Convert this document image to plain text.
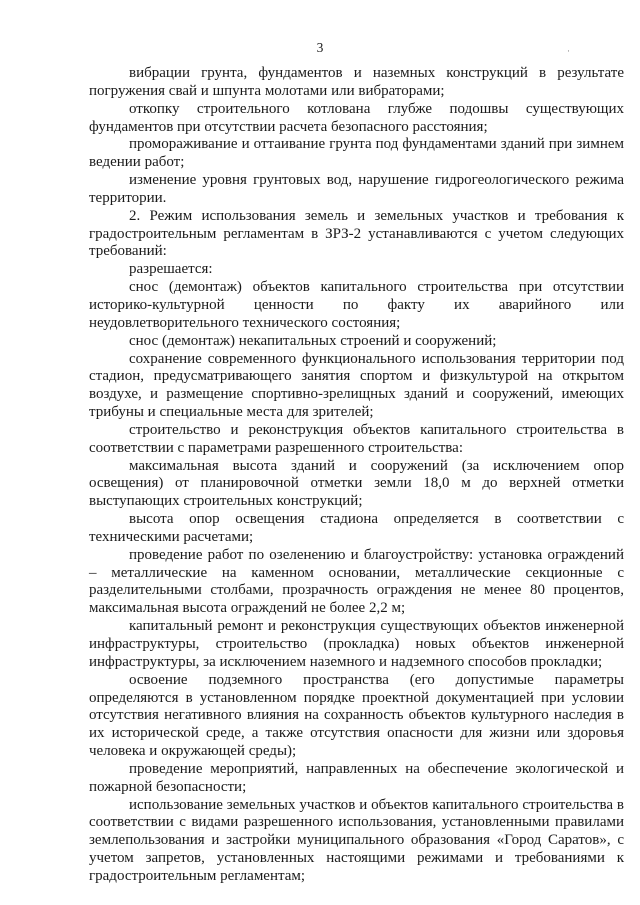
3	·

вибрации грунта, фундаментов и наземных конструкций в результате погружения свай и шпунта молотами или вибраторами;

откопку строительного котлована глубже подошвы существующих фундаментов при отсутствии расчета безопасного расстояния;

промораживание и оттаивание грунта под фундаментами зданий при зимнем ведении работ;

изменение уровня грунтовых вод, нарушение гидрогеологического режима территории.

2. Режим использования земель и земельных участков и требования к градостроительным регламентам в ЗРЗ-2 устанавливаются с учетом следующих требований:

разрешается:

снос (демонтаж) объектов капитального строительства при отсутствии историко-культурной ценности по факту их аварийного или неудовлетворительного технического состояния;

снос (демонтаж) некапитальных строений и сооружений;

сохранение современного функционального использования территории под стадион, предусматривающего занятия спортом и физкультурой на открытом воздухе, и размещение спортивно-зрелищных зданий и сооружений, имеющих трибуны и специальные места для зрителей;

строительство и реконструкция объектов капитального строительства в соответствии с параметрами разрешенного строительства:

максимальная высота зданий и сооружений (за исключением опор освещения) от планировочной отметки земли 18,0 м до верхней отметки выступающих строительных конструкций;

высота опор освещения стадиона определяется в соответствии с техническими расчетами;

проведение работ по озеленению и благоустройству: установка ограждений – металлические на каменном основании, металлические секционные с разделительными столбами, прозрачность ограждения не менее 80 процентов, максимальная высота ограждений не более 2,2 м;

капитальный ремонт и реконструкция существующих объектов инженерной инфраструктуры, строительство (прокладка) новых объектов инженерной инфраструктуры, за исключением наземного и надземного способов прокладки;

освоение подземного пространства (его допустимые параметры определяются в установленном порядке проектной документацией при условии отсутствия негативного влияния на сохранность объектов культурного наследия в их исторической среде, а также отсутствия опасности для жизни или здоровья человека и окружающей среды);

проведение мероприятий, направленных на обеспечение экологической и пожарной безопасности;

использование земельных участков и объектов капитального строительства в соответствии с видами разрешенного использования, установленными правилами землепользования и застройки муниципального образования «Город Саратов», с учетом запретов, установленных настоящими режимами и требованиями к градостроительным регламентам;
